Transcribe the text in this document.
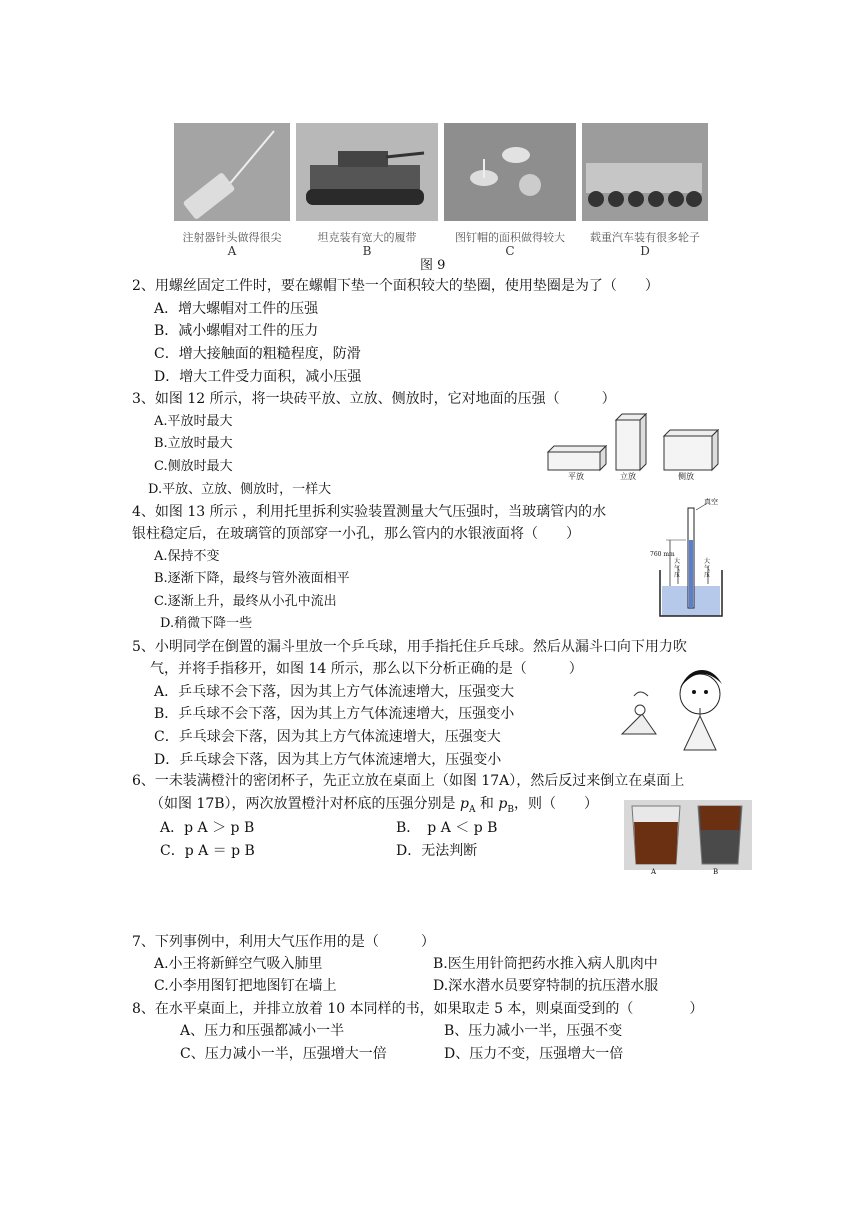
注射器针头做得很尖	坦克装有宽大的履带	图钉帽的面积做得较大	载重汽车装有很多轮子
A	B	C	D
图 9
2、用螺丝固定工件时，要在螺帽下垫一个面积较大的垫圈，使用垫圈是为了（　　）
A．增大螺帽对工件的压强
B．减小螺帽对工件的压力
C．增大接触面的粗糙程度，防滑
D．增大工件受力面积，减小压强
3、如图 12 所示，将一块砖平放、立放、侧放时，它对地面的压强（　　　）
A.平放时最大
B.立放时最大
C.侧放时最大
D.平放、立放、侧放时，一样大
平放	立放	侧放
4、如图 13 所示 ，利用托里拆利实验装置测量大气压强时，当玻璃管内的水
银柱稳定后，在玻璃管的顶部穿一小孔，那么管内的水银液面将（　　）
A.保持不变
B.逐渐下降，最终与管外液面相平
C.逐渐上升，最终从小孔中流出
D.稍微下降一些
真空
760 mm
大气压
大气压
5、小明同学在倒置的漏斗里放一个乒乓球，用手指托住乒乓球。然后从漏斗口向下用力吹
气，并将手指移开，如图 14 所示，那么以下分析正确的是（　　　）
A．乒乓球不会下落，因为其上方气体流速增大，压强变大
B．乒乓球不会下落，因为其上方气体流速增大，压强变小
C．乒乓球会下落，因为其上方气体流速增大，压强变大
D．乒乓球会下落，因为其上方气体流速增大，压强变小
6、一未装满橙汁的密闭杯子，先正立放在桌面上（如图 17A），然后反过来倒立在桌面上
（如图 17B），两次放置橙汁对杯底的压强分别是 $p_A$ 和 $p_B$，则（　　）
A．p A ＞ p B	B．　p A ＜ p B
C．p A ＝ p B	D．无法判断
A	B
7、下列事例中，利用大气压作用的是（　　　）
A.小王将新鲜空气吸入肺里	B.医生用针筒把药水推入病人肌肉中
C.小李用图钉把地图钉在墙上	D.深水潜水员要穿特制的抗压潜水服
8、在水平桌面上，并排立放着 10 本同样的书，如果取走 5 本，则桌面受到的（　　　　）
A、压力和压强都减小一半	B、压力减小一半，压强不变
C、压力减小一半，压强增大一倍	D、压力不变，压强增大一倍
